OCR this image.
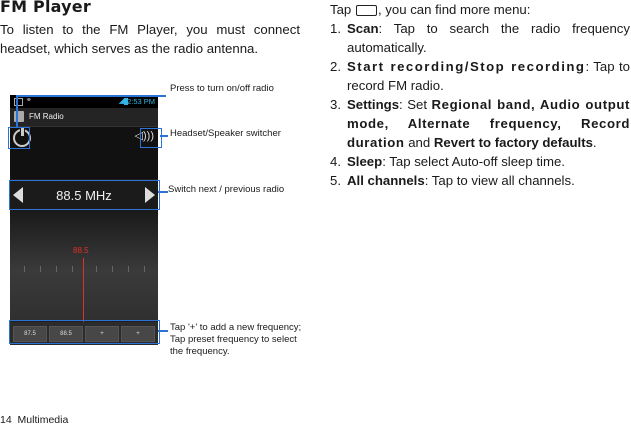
FM Player
To listen to the FM Player, you must connect headset, which serves as the radio antenna.
Tap , you can find more menu:
1. Scan: Tap to search the radio frequency automatically.
2. Start recording/Stop recording: Tap to record FM radio.
3. Settings: Set Regional band, Audio output mode, Alternate frequency, Record duration and Revert to factory defaults.
4. Sleep: Tap select Auto-off sleep time.
5. All channels: Tap to view all channels.
⚭	◢ 2:53 PM
FM Radio
◁)))
88.5 MHz
88.5
87.5	88.5	+	+
Press to turn on/off radio
Headset/Speaker switcher
Switch next / previous radio
Tap '+' to add a new frequency;
Tap preset frequency to select
the frequency.
14 Multimedia
